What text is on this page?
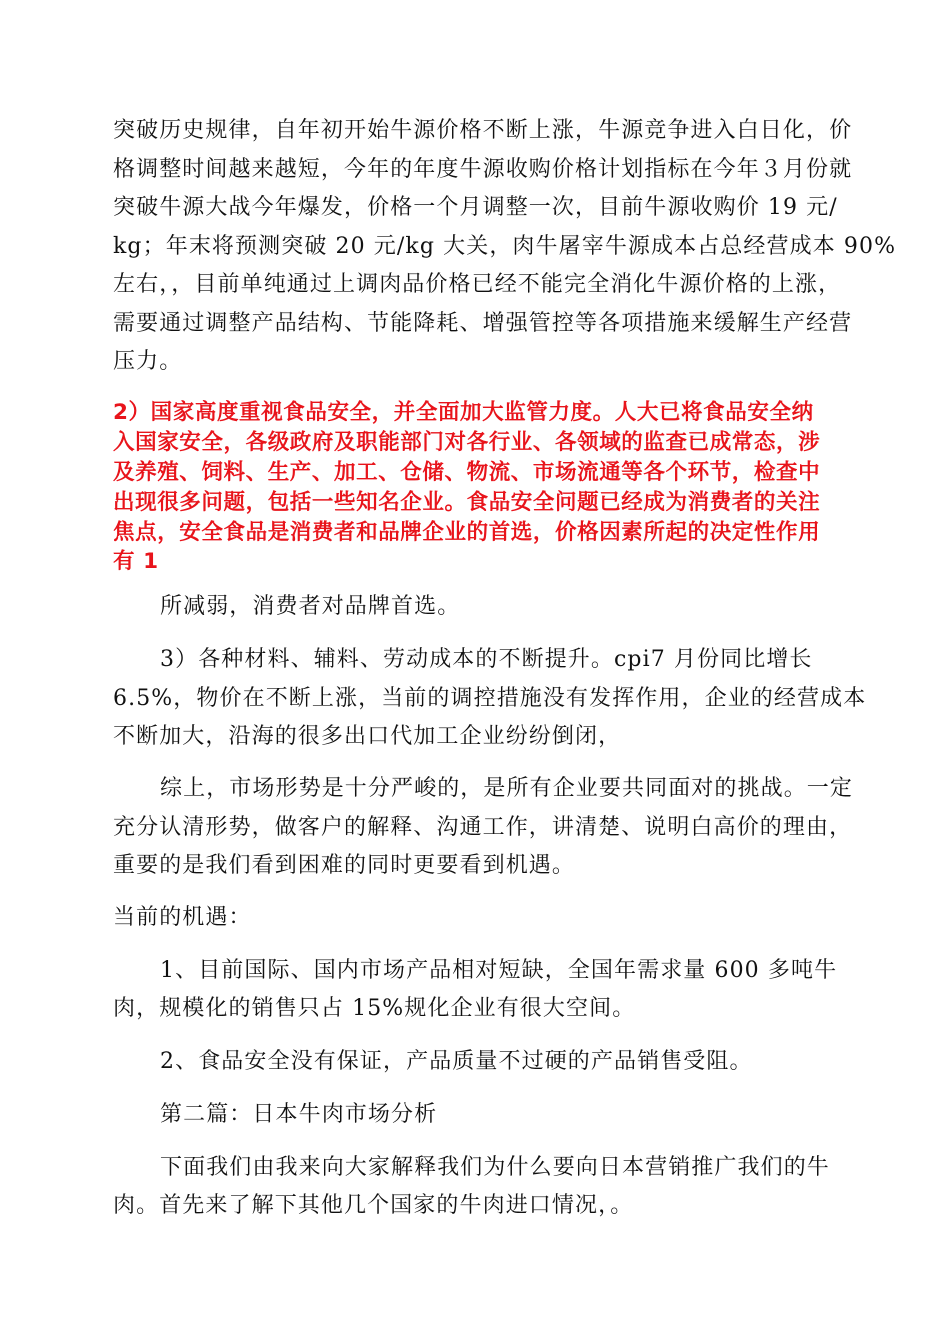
突破历史规律，自年初开始牛源价格不断上涨，牛源竞争进入白日化，价
格调整时间越来越短，今年的年度牛源收购价格计划指标在今年３月份就
突破牛源大战今年爆发，价格一个月调整一次，目前牛源收购价 19 元/
kg；年末将预测突破 20 元/kg 大关，肉牛屠宰牛源成本占总经营成本 90%
左右，，目前单纯通过上调肉品价格已经不能完全消化牛源价格的上涨，
需要通过调整产品结构、节能降耗、增强管控等各项措施来缓解生产经营
压力。
2）国家高度重视食品安全，并全面加大监管力度。人大已将食品安全纳
入国家安全，各级政府及职能部门对各行业、各领域的监查已成常态，涉
及养殖、饲料、生产、加工、仓储、物流、市场流通等各个环节，检查中
出现很多问题，包括一些知名企业。食品安全问题已经成为消费者的关注
焦点，安全食品是消费者和品牌企业的首选，价格因素所起的决定性作用
有 1
所减弱，消费者对品牌首选。
3）各种材料、辅料、劳动成本的不断提升。cpi7 月份同比增长
6.5%，物价在不断上涨，当前的调控措施没有发挥作用，企业的经营成本
不断加大，沿海的很多出口代加工企业纷纷倒闭，
综上，市场形势是十分严峻的，是所有企业要共同面对的挑战。一定
充分认清形势，做客户的解释、沟通工作，讲清楚、说明白高价的理由，
重要的是我们看到困难的同时更要看到机遇。
当前的机遇：
1、目前国际、国内市场产品相对短缺，全国年需求量 600 多吨牛
肉，规模化的销售只占 15%规化企业有很大空间。
2、食品安全没有保证，产品质量不过硬的产品销售受阻。
第二篇：日本牛肉市场分析
下面我们由我来向大家解释我们为什么要向日本营销推广我们的牛
肉。首先来了解下其他几个国家的牛肉进口情况，。
